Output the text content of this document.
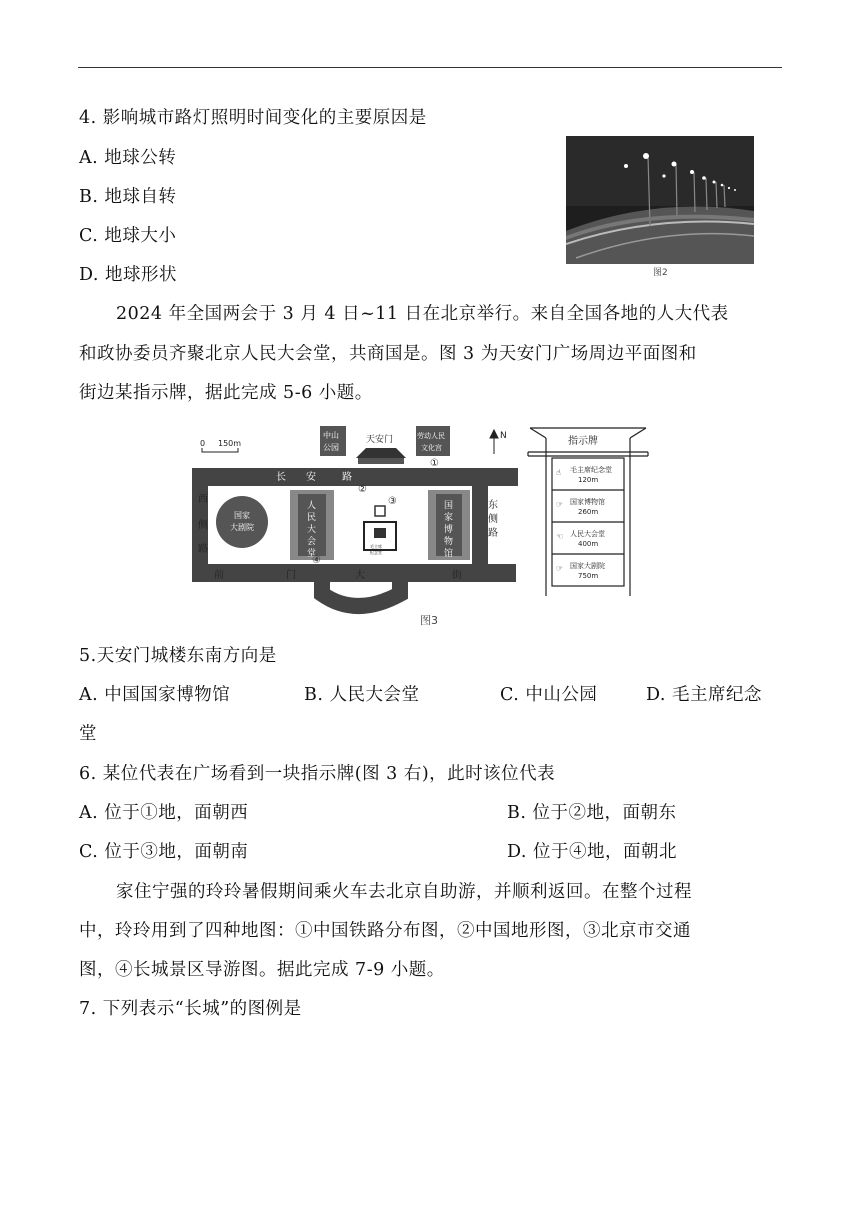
4. 影响城市路灯照明时间变化的主要原因是
A. 地球公转
B. 地球自转
C. 地球大小
D. 地球形状	图2
2024 年全国两会于 3 月 4 日~11 日在北京举行。来自全国各地的人大代表
和政协委员齐聚北京人民大会堂，共商国是。图 3 为天安门广场周边平面图和
街边某指示牌，据此完成 5-6 小题。
0 150m
长 安	路
前	门	大	街
西
侧
路
东
侧
路
中山
公园
天安门	劳动人民
文化宫
①
N
国家
大剧院
人
民
大
会
堂
④
②
③
毛主席
纪念堂
国
家
博
物
馆
指示牌
☝ 毛主席纪念堂
120m
☞ 国家博物馆
260m
☜ 人民大会堂
400m
☞ 国家大剧院
750m
图3
5.天安门城楼东南方向是
A. 中国国家博物馆	B. 人民大会堂	C. 中山公园	D. 毛主席纪念
堂
6. 某位代表在广场看到一块指示牌(图 3 右)，此时该位代表
A. 位于①地，面朝西	B. 位于②地，面朝东
C. 位于③地，面朝南	D. 位于④地，面朝北
家住宁强的玲玲暑假期间乘火车去北京自助游，并顺利返回。在整个过程
中，玲玲用到了四种地图：①中国铁路分布图，②中国地形图，③北京市交通
图，④长城景区导游图。据此完成 7-9 小题。
7. 下列表示“长城”的图例是
